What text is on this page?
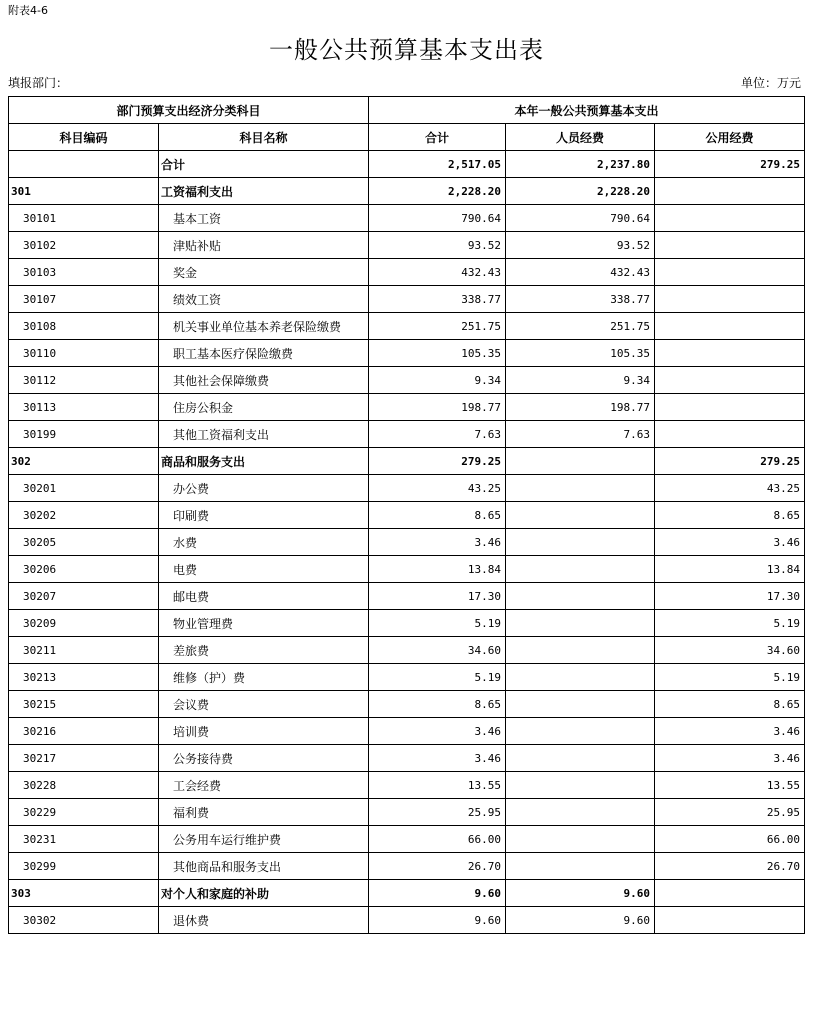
附表4-6
一般公共预算基本支出表
填报部门：	单位：万元
部门预算支出经济分类科目		本年一般公共预算基本支出		
科目编码	科目名称	合计	人员经费	公用经费
	合计	2,517.05	2,237.80	279.25
301	工资福利支出	2,228.20	2,228.20	
30101	基本工资	790.64	790.64	
30102	津贴补贴	93.52	93.52	
30103	奖金	432.43	432.43	
30107	绩效工资	338.77	338.77	
30108	机关事业单位基本养老保险缴费	251.75	251.75	
30110	职工基本医疗保险缴费	105.35	105.35	
30112	其他社会保障缴费	9.34	9.34	
30113	住房公积金	198.77	198.77	
30199	其他工资福利支出	7.63	7.63	
302	商品和服务支出	279.25		279.25
30201	办公费	43.25		43.25
30202	印刷费	8.65		8.65
30205	水费	3.46		3.46
30206	电费	13.84		13.84
30207	邮电费	17.30		17.30
30209	物业管理费	5.19		5.19
30211	差旅费	34.60		34.60
30213	维修（护）费	5.19		5.19
30215	会议费	8.65		8.65
30216	培训费	3.46		3.46
30217	公务接待费	3.46		3.46
30228	工会经费	13.55		13.55
30229	福利费	25.95		25.95
30231	公务用车运行维护费	66.00		66.00
30299	其他商品和服务支出	26.70		26.70
303	对个人和家庭的补助	9.60	9.60	
30302	退休费	9.60	9.60	
